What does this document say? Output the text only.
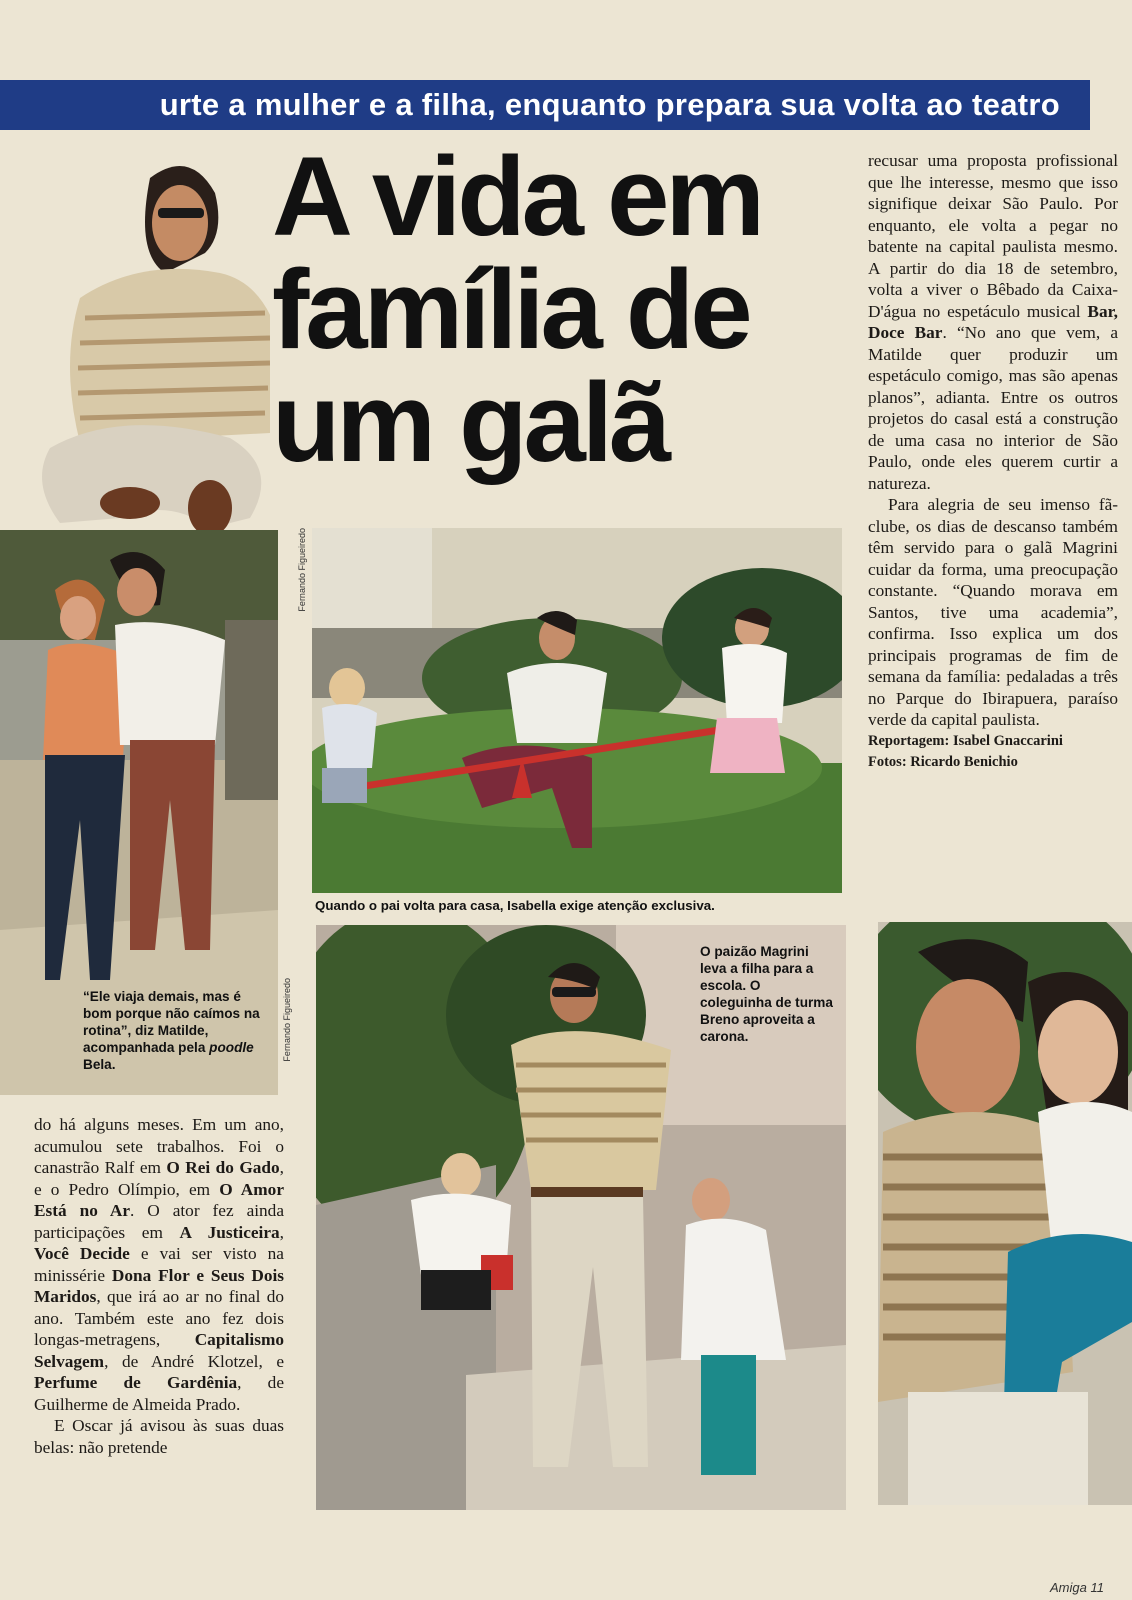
urte a mulher e a filha, enquanto prepara sua volta ao teatro
A vida em
família de
um galã

recusar uma proposta profissional que lhe interesse, mesmo que isso signifique deixar São Paulo. Por enquanto, ele volta a pegar no batente na capital paulista mesmo. A partir do dia 18 de setembro, volta a viver o Bêbado da Caixa-D'água no espetáculo musical Bar, Doce Bar. “No ano que vem, a Matilde quer produzir um espetáculo comigo, mas são apenas planos”, adianta. Entre os outros projetos do casal está a construção de uma casa no interior de São Paulo, onde eles querem curtir a natureza.

Para alegria de seu imenso fã-clube, os dias de descanso também têm servido para o galã Magrini cuidar da forma, uma preocupação constante. “Quando morava em Santos, tive uma academia”, confirma. Isso explica um dos principais programas de fim de semana da família: pedaladas a três no Parque do Ibirapuera, paraíso verde da capital paulista.

Reportagem: Isabel Gnaccarini
Fotos: Ricardo Benichio
Fernando Figueiredo
“Ele viaja demais, mas é bom porque não caímos na rotina”, diz Matilde, acompanhada pela poodle Bela.
Fernando Figueiredo
Quando o pai volta para casa, Isabella exige atenção exclusiva.

do há alguns meses. Em um ano, acumulou sete trabalhos. Foi o canastrão Ralf em O Rei do Gado, e o Pedro Olímpio, em O Amor Está no Ar. O ator fez ainda participações em A Justiceira, Você Decide e vai ser visto na minissérie Dona Flor e Seus Dois Maridos, que irá ao ar no final do ano. Também este ano fez dois longas-metragens, Capitalismo Selvagem, de André Klotzel, e Perfume de Gardênia, de Guilherme de Almeida Prado.

E Oscar já avisou às suas duas belas: não pretende

O paizão Magrini leva a filha para a escola. O coleguinha de turma Breno aproveita a carona.
Amiga 11
